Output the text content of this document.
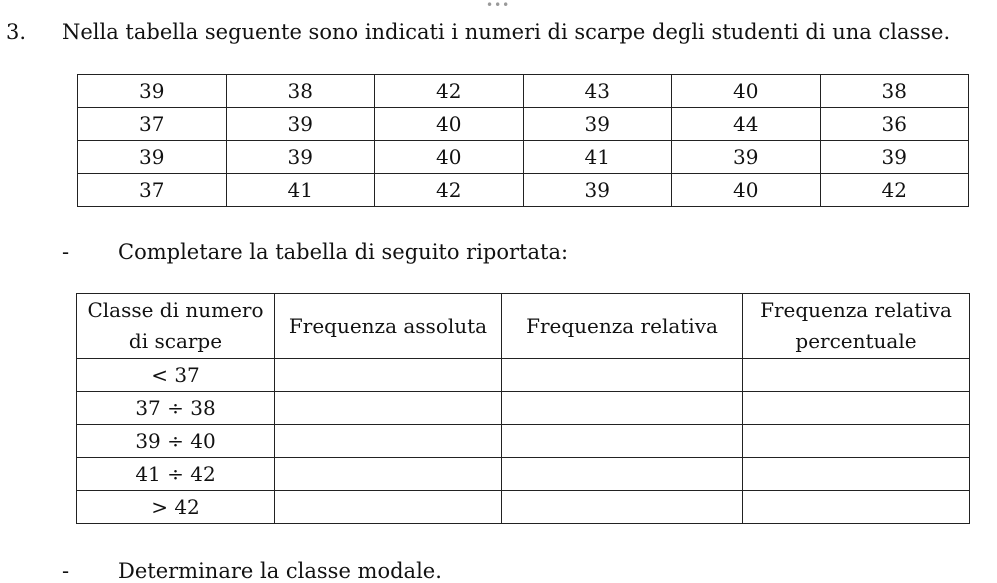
•••
3. Nella tabella seguente sono indicati i numeri di scarpe degli studenti di una classe.
39	38	42	43	40	38
37	39	40	39	44	36
39	39	40	41	39	39
37	41	42	39	40	42
- Completare la tabella di seguito riportata:
Classe di numero
di scarpe	Frequenza assoluta	Frequenza relativa	Frequenza relativa
percentuale
< 37			
37 ÷ 38			
39 ÷ 40			
41 ÷ 42			
> 42			
- Determinare la classe modale.
